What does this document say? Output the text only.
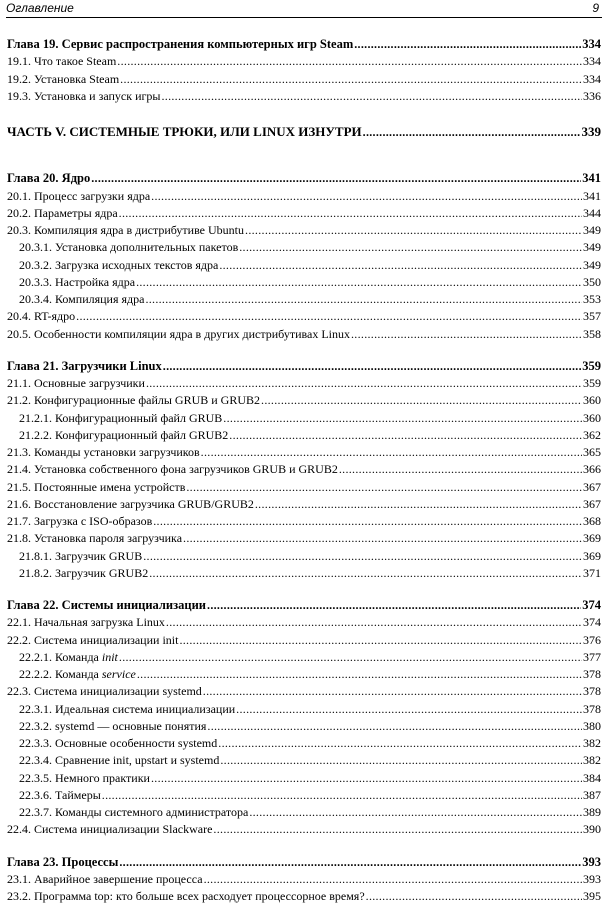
Оглавление	9
Глава 19. Сервис распространения компьютерных игр Steam .....	334
19.1. Что такое Steam .....	334
19.2. Установка Steam .....	334
19.3. Установка и запуск игры .....	336
ЧАСТЬ V. СИСТЕМНЫЕ ТРЮКИ, ИЛИ LINUX ИЗНУТРИ .....	339
Глава 20. Ядро .....	341
20.1. Процесс загрузки ядра .....	341
20.2. Параметры ядра .....	344
20.3. Компиляция ядра в дистрибутиве Ubuntu .....	349
20.3.1. Установка дополнительных пакетов .....	349
20.3.2. Загрузка исходных текстов ядра .....	349
20.3.3. Настройка ядра .....	350
20.3.4. Компиляция ядра .....	353
20.4. RT-ядро .....	357
20.5. Особенности компиляции ядра в других дистрибутивах Linux .....	358
Глава 21. Загрузчики Linux .....	359
21.1. Основные загрузчики .....	359
21.2. Конфигурационные файлы GRUB и GRUB2 .....	360
21.2.1. Конфигурационный файл GRUB .....	360
21.2.2. Конфигурационный файл GRUB2 .....	362
21.3. Команды установки загрузчиков .....	365
21.4. Установка собственного фона загрузчиков GRUB и GRUB2 .....	366
21.5. Постоянные имена устройств .....	367
21.6. Восстановление загрузчика GRUB/GRUB2 .....	367
21.7. Загрузка с ISO-образов .....	368
21.8. Установка пароля загрузчика .....	369
21.8.1. Загрузчик GRUB .....	369
21.8.2. Загрузчик GRUB2 .....	371
Глава 22. Системы инициализации .....	374
22.1. Начальная загрузка Linux .....	374
22.2. Система инициализации init .....	376
22.2.1. Команда init .....	377
22.2.2. Команда service .....	378
22.3. Система инициализации systemd .....	378
22.3.1. Идеальная система инициализации .....	378
22.3.2. systemd — основные понятия .....	380
22.3.3. Основные особенности systemd .....	382
22.3.4. Сравнение init, upstart и systemd .....	382
22.3.5. Немного практики .....	384
22.3.6. Таймеры .....	387
22.3.7. Команды системного администратора .....	389
22.4. Система инициализации Slackware .....	390
Глава 23. Процессы .....	393
23.1. Аварийное завершение процесса .....	393
23.2. Программа top: кто больше всех расходует процессорное время? .....	395
